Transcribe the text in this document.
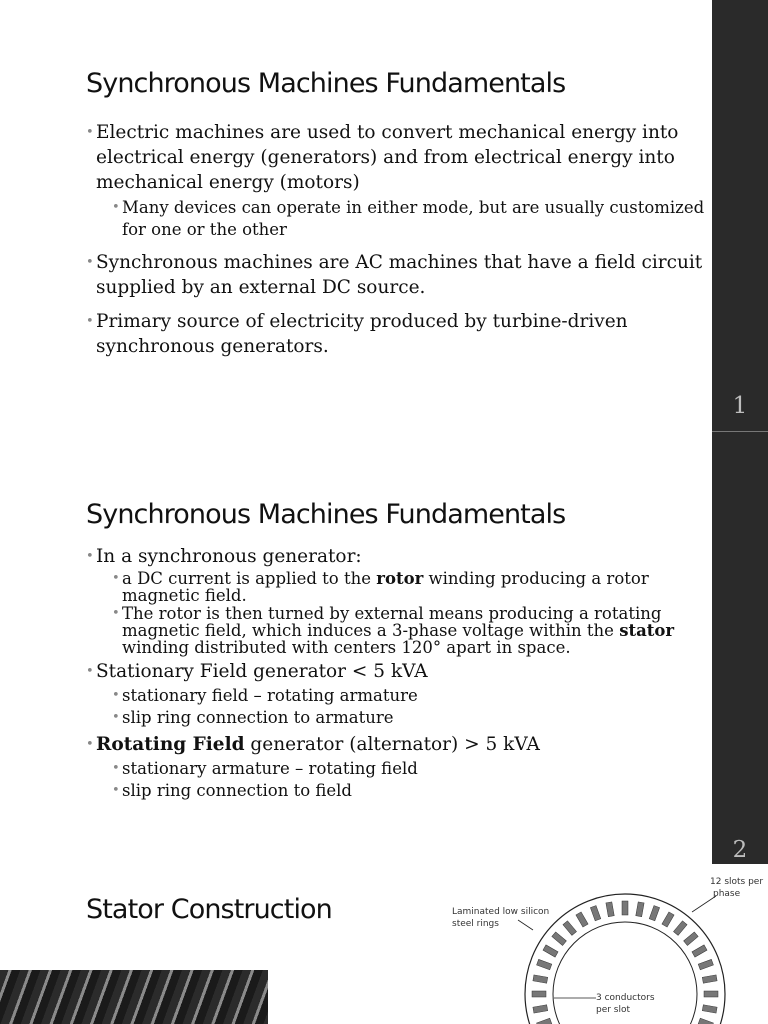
Synchronous Machines Fundamentals
• Electric machines are used to convert mechanical energy into electrical energy (generators) and from electrical energy into mechanical energy (motors)
• Many devices can operate in either mode, but are usually customized for one or the other
• Synchronous machines are AC machines that have a field circuit supplied by an external DC source.
• Primary source of electricity produced by turbine-driven synchronous generators.
1
Synchronous Machines Fundamentals
• In a synchronous generator:
• a DC current is applied to the rotor winding producing a rotor magnetic field.
• The rotor is then turned by external means producing a rotating magnetic field, which induces a 3-phase voltage within the stator winding distributed with centers 120° apart in space.
• Stationary Field generator < 5 kVA
• stationary field – rotating armature
• slip ring connection to armature
• Rotating Field generator (alternator) > 5 kVA
• stationary armature – rotating field
• slip ring connection to field
2
Stator Construction	Laminated low silicon
steel rings
12 slots per
phase
3 conductors
per slot
